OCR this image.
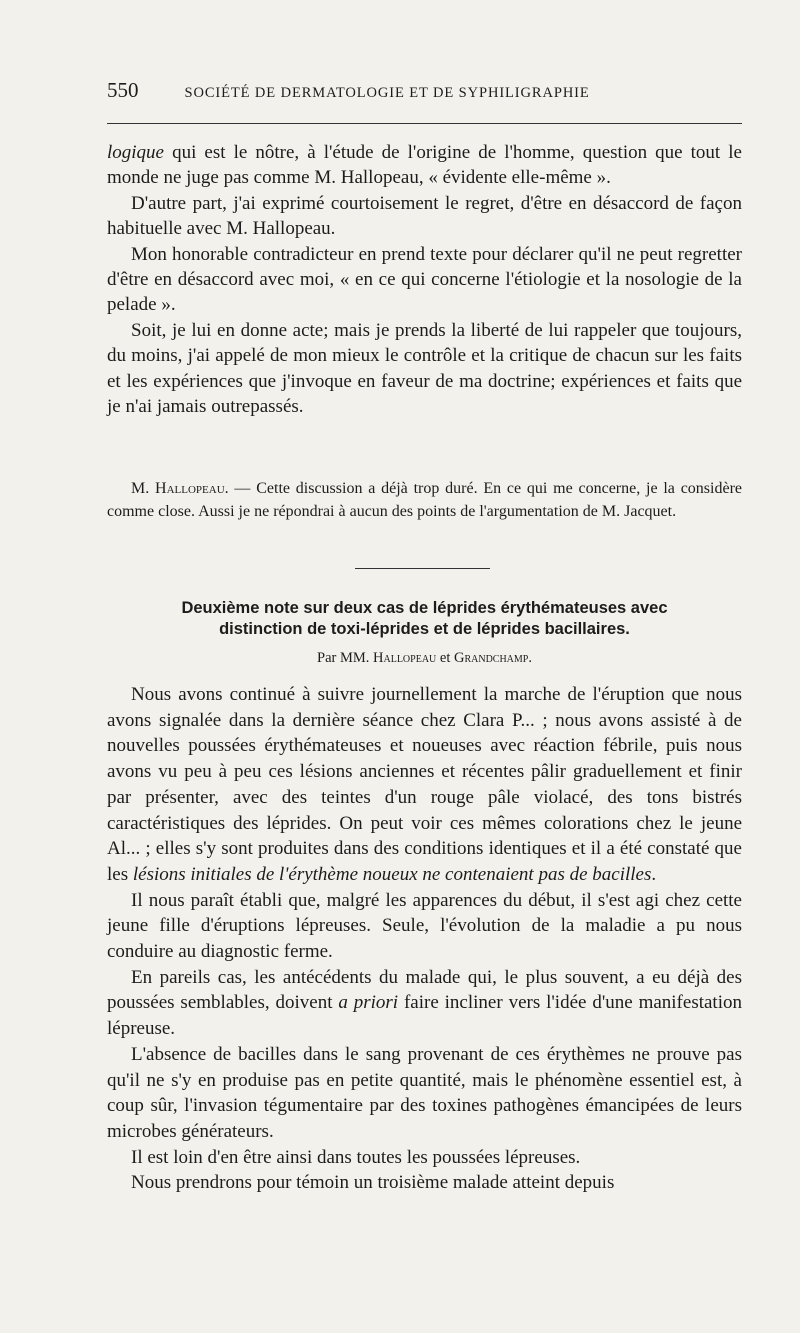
550	SOCIÉTÉ DE DERMATOLOGIE ET DE SYPHILIGRAPHIE

logique qui est le nôtre, à l'étude de l'origine de l'homme, question que tout le monde ne juge pas comme M. Hallopeau, « évidente elle-même ».

D'autre part, j'ai exprimé courtoisement le regret, d'être en désaccord de façon habituelle avec M. Hallopeau.

Mon honorable contradicteur en prend texte pour déclarer qu'il ne peut regretter d'être en désaccord avec moi, « en ce qui concerne l'étiologie et la nosologie de la pelade ».

Soit, je lui en donne acte; mais je prends la liberté de lui rappeler que toujours, du moins, j'ai appelé de mon mieux le contrôle et la critique de chacun sur les faits et les expériences que j'invoque en faveur de ma doctrine; expériences et faits que je n'ai jamais outrepassés.

M. Hallopeau. — Cette discussion a déjà trop duré. En ce qui me concerne, je la considère comme close. Aussi je ne répondrai à aucun des points de l'argumentation de M. Jacquet.

Deuxième note sur deux cas de léprides érythémateuses avec
distinction de toxi-léprides et de léprides bacillaires.

Par MM. Hallopeau et Grandchamp.

Nous avons continué à suivre journellement la marche de l'éruption que nous avons signalée dans la dernière séance chez Clara P... ; nous avons assisté à de nouvelles poussées érythémateuses et noueuses avec réaction fébrile, puis nous avons vu peu à peu ces lésions anciennes et récentes pâlir graduellement et finir par présenter, avec des teintes d'un rouge pâle violacé, des tons bistrés caractéristiques des léprides. On peut voir ces mêmes colorations chez le jeune Al... ; elles s'y sont produites dans des conditions identiques et il a été constaté que les lésions initiales de l'érythème noueux ne contenaient pas de bacilles.

Il nous paraît établi que, malgré les apparences du début, il s'est agi chez cette jeune fille d'éruptions lépreuses. Seule, l'évolution de la maladie a pu nous conduire au diagnostic ferme.

En pareils cas, les antécédents du malade qui, le plus souvent, a eu déjà des poussées semblables, doivent a priori faire incliner vers l'idée d'une manifestation lépreuse.

L'absence de bacilles dans le sang provenant de ces érythèmes ne prouve pas qu'il ne s'y en produise pas en petite quantité, mais le phénomène essentiel est, à coup sûr, l'invasion tégumentaire par des toxines pathogènes émancipées de leurs microbes générateurs.

Il est loin d'en être ainsi dans toutes les poussées lépreuses.

Nous prendrons pour témoin un troisième malade atteint depuis
